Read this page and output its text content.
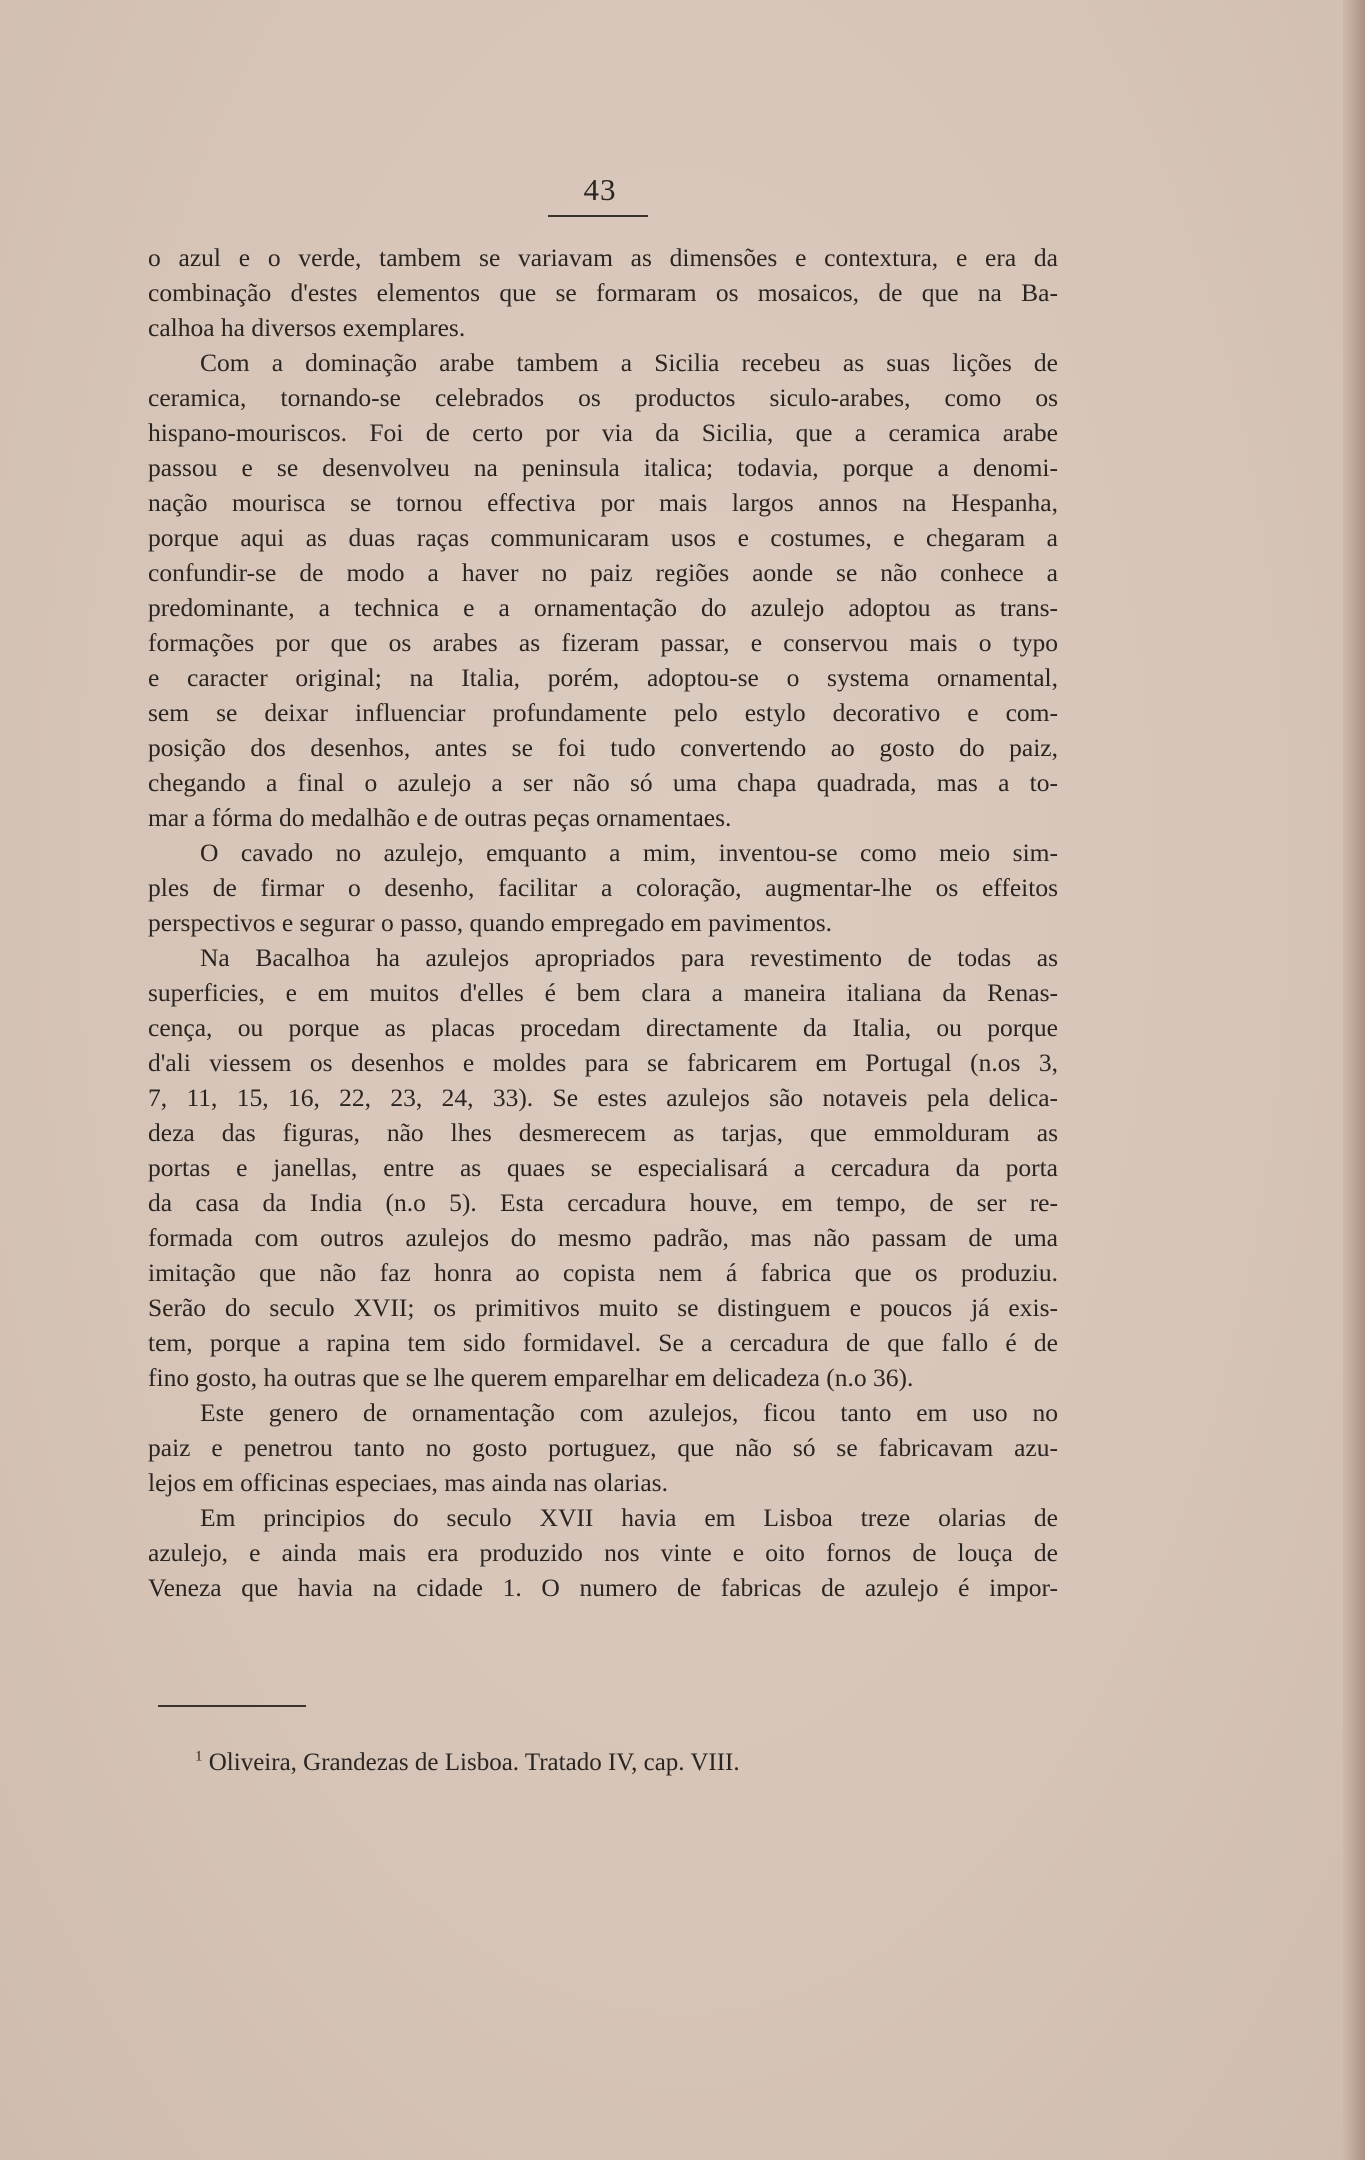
43
o azul e o verde, tambem se variavam as dimensões e contextura, e era da
combinação d'estes elementos que se formaram os mosaicos, de que na Ba-
calhoa ha diversos exemplares.
Com a dominação arabe tambem a Sicilia recebeu as suas lições de
ceramica, tornando-se celebrados os productos siculo-arabes, como os
hispano-mouriscos. Foi de certo por via da Sicilia, que a ceramica arabe
passou e se desenvolveu na peninsula italica; todavia, porque a denomi-
nação mourisca se tornou effectiva por mais largos annos na Hespanha,
porque aqui as duas raças communicaram usos e costumes, e chegaram a
confundir-se de modo a haver no paiz regiões aonde se não conhece a
predominante, a technica e a ornamentação do azulejo adoptou as trans-
formações por que os arabes as fizeram passar, e conservou mais o typo
e caracter original; na Italia, porém, adoptou-se o systema ornamental,
sem se deixar influenciar profundamente pelo estylo decorativo e com-
posição dos desenhos, antes se foi tudo convertendo ao gosto do paiz,
chegando a final o azulejo a ser não só uma chapa quadrada, mas a to-
mar a fórma do medalhão e de outras peças ornamentaes.
O cavado no azulejo, emquanto a mim, inventou-se como meio sim-
ples de firmar o desenho, facilitar a coloração, augmentar-lhe os effeitos
perspectivos e segurar o passo, quando empregado em pavimentos.
Na Bacalhoa ha azulejos apropriados para revestimento de todas as
superficies, e em muitos d'elles é bem clara a maneira italiana da Renas-
cença, ou porque as placas procedam directamente da Italia, ou porque
d'ali viessem os desenhos e moldes para se fabricarem em Portugal (n.os 3,
7, 11, 15, 16, 22, 23, 24, 33). Se estes azulejos são notaveis pela delica-
deza das figuras, não lhes desmerecem as tarjas, que emmolduram as
portas e janellas, entre as quaes se especialisará a cercadura da porta
da casa da India (n.o 5). Esta cercadura houve, em tempo, de ser re-
formada com outros azulejos do mesmo padrão, mas não passam de uma
imitação que não faz honra ao copista nem á fabrica que os produziu.
Serão do seculo XVII; os primitivos muito se distinguem e poucos já exis-
tem, porque a rapina tem sido formidavel. Se a cercadura de que fallo é de
fino gosto, ha outras que se lhe querem emparelhar em delicadeza (n.o 36).
Este genero de ornamentação com azulejos, ficou tanto em uso no
paiz e penetrou tanto no gosto portuguez, que não só se fabricavam azu-
lejos em officinas especiaes, mas ainda nas olarias.
Em principios do seculo XVII havia em Lisboa treze olarias de
azulejo, e ainda mais era produzido nos vinte e oito fornos de louça de
Veneza que havia na cidade 1. O numero de fabricas de azulejo é impor-
$^1$ Oliveira, Grandezas de Lisboa. Tratado IV, cap. VIII.
